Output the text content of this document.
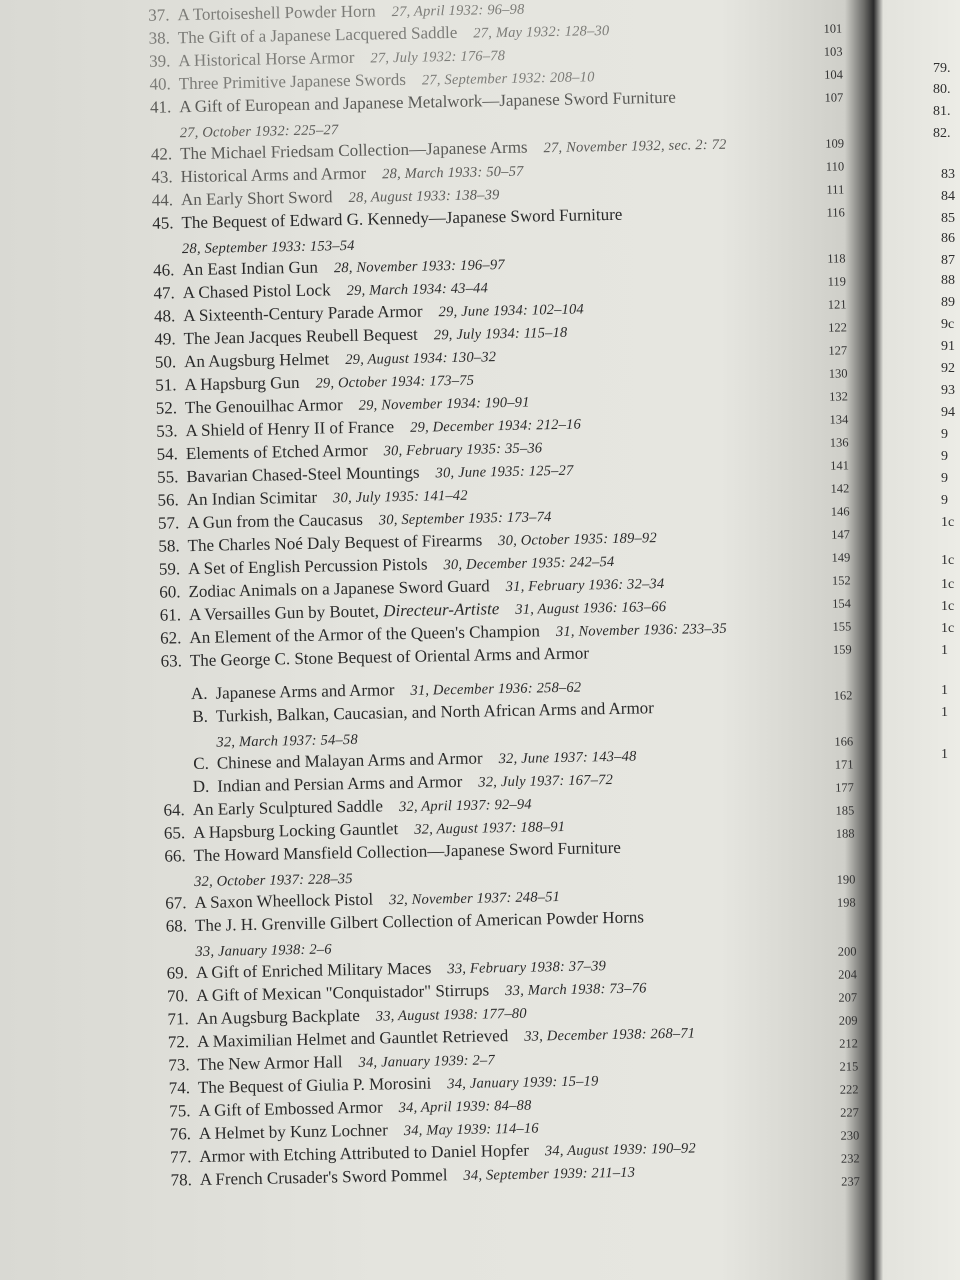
37. A Tortoiseshell Powder Horn 27, April 1932: 96–98
38. The Gift of a Japanese Lacquered Saddle 27, May 1932: 128–30
39. A Historical Horse Armor 27, July 1932: 176–78
40. Three Primitive Japanese Swords 27, September 1932: 208–10
41. A Gift of European and Japanese Metalwork—Japanese Sword Furniture
27, October 1932: 225–27
42. The Michael Friedsam Collection—Japanese Arms 27, November 1932, sec. 2: 72
43. Historical Arms and Armor 28, March 1933: 50–57
44. An Early Short Sword 28, August 1933: 138–39
45. The Bequest of Edward G. Kennedy—Japanese Sword Furniture
28, September 1933: 153–54
46. An East Indian Gun 28, November 1933: 196–97
47. A Chased Pistol Lock 29, March 1934: 43–44
48. A Sixteenth-Century Parade Armor 29, June 1934: 102–104
49. The Jean Jacques Reubell Bequest 29, July 1934: 115–18
50. An Augsburg Helmet 29, August 1934: 130–32
51. A Hapsburg Gun 29, October 1934: 173–75
52. The Genouilhac Armor 29, November 1934: 190–91
53. A Shield of Henry II of France 29, December 1934: 212–16
54. Elements of Etched Armor 30, February 1935: 35–36
55. Bavarian Chased-Steel Mountings 30, June 1935: 125–27
56. An Indian Scimitar 30, July 1935: 141–42
57. A Gun from the Caucasus 30, September 1935: 173–74
58. The Charles Noé Daly Bequest of Firearms 30, October 1935: 189–92
59. A Set of English Percussion Pistols 30, December 1935: 242–54
60. Zodiac Animals on a Japanese Sword Guard 31, February 1936: 32–34
61. A Versailles Gun by Boutet, Directeur-Artiste 31, August 1936: 163–66
62. An Element of the Armor of the Queen's Champion 31, November 1936: 233–35
63. The George C. Stone Bequest of Oriental Arms and Armor
A. Japanese Arms and Armor 31, December 1936: 258–62
B. Turkish, Balkan, Caucasian, and North African Arms and Armor
32, March 1937: 54–58
C. Chinese and Malayan Arms and Armor 32, June 1937: 143–48
D. Indian and Persian Arms and Armor 32, July 1937: 167–72
64. An Early Sculptured Saddle 32, April 1937: 92–94
65. A Hapsburg Locking Gauntlet 32, August 1937: 188–91
66. The Howard Mansfield Collection—Japanese Sword Furniture
32, October 1937: 228–35
67. A Saxon Wheellock Pistol 32, November 1937: 248–51
68. The J. H. Grenville Gilbert Collection of American Powder Horns
33, January 1938: 2–6
69. A Gift of Enriched Military Maces 33, February 1938: 37–39
70. A Gift of Mexican "Conquistador" Stirrups 33, March 1938: 73–76
71. An Augsburg Backplate 33, August 1938: 177–80
72. A Maximilian Helmet and Gauntlet Retrieved 33, December 1938: 268–71
73. The New Armor Hall 34, January 1939: 2–7
74. The Bequest of Giulia P. Morosini 34, January 1939: 15–19
75. A Gift of Embossed Armor 34, April 1939: 84–88
76. A Helmet by Kunz Lochner 34, May 1939: 114–16
77. Armor with Etching Attributed to Daniel Hopfer 34, August 1939: 190–92
78. A French Crusader's Sword Pommel 34, September 1939: 211–13
101
103
104
107
109
110
111
116
118
119
121
122
127
130
132
134
136
141
142
146
147
149
152
154
155
159
162
166
171
177
185
188
190
198
200
204
207
209
212
215
222
227
230
232
237
79.
80.
81.
82.
83
84
85
86
87
88
89
9c
91
92
93
94
9
9
9
9
1c
1c
1c
1c
1c
1
1
1
1
